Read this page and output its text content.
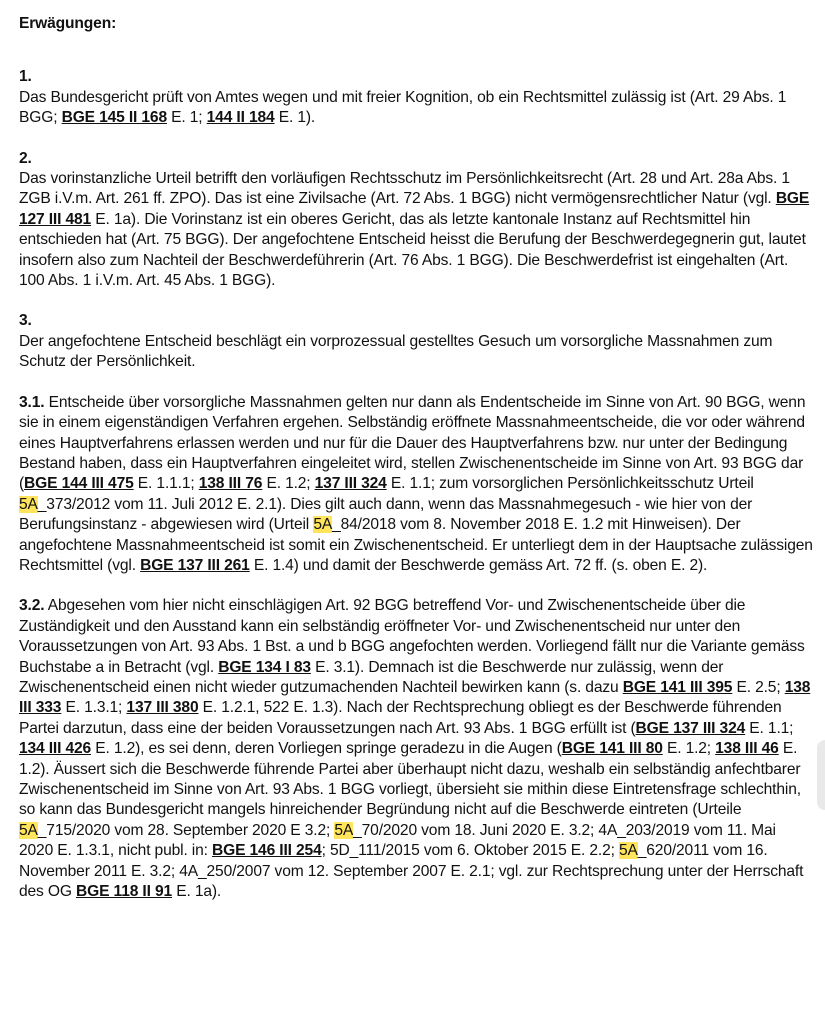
Erwägungen:
1.

Das Bundesgericht prüft von Amtes wegen und mit freier Kognition, ob ein Rechtsmittel zulässig ist (Art. 29 Abs. 1 BGG; BGE 145 II 168 E. 1; 144 II 184 E. 1).

2.

Das vorinstanzliche Urteil betrifft den vorläufigen Rechtsschutz im Persönlichkeitsrecht (Art. 28 und Art. 28a Abs. 1 ZGB i.V.m. Art. 261 ff. ZPO). Das ist eine Zivilsache (Art. 72 Abs. 1 BGG) nicht vermögensrechtlicher Natur (vgl. BGE 127 III 481 E. 1a). Die Vorinstanz ist ein oberes Gericht, das als letzte kantonale Instanz auf Rechtsmittel hin entschieden hat (Art. 75 BGG). Der angefochtene Entscheid heisst die Berufung der Beschwerdegegnerin gut, lautet insofern also zum Nachteil der Beschwerdeführerin (Art. 76 Abs. 1 BGG). Die Beschwerdefrist ist eingehalten (Art. 100 Abs. 1 i.V.m. Art. 45 Abs. 1 BGG).

3.

Der angefochtene Entscheid beschlägt ein vorprozessual gestelltes Gesuch um vorsorgliche Massnahmen zum Schutz der Persönlichkeit.

3.1. Entscheide über vorsorgliche Massnahmen gelten nur dann als Endentscheide im Sinne von Art. 90 BGG, wenn sie in einem eigenständigen Verfahren ergehen. Selbständig eröffnete Massnahmeentscheide, die vor oder während eines Hauptverfahrens erlassen werden und nur für die Dauer des Hauptverfahrens bzw. nur unter der Bedingung Bestand haben, dass ein Hauptverfahren eingeleitet wird, stellen Zwischenentscheide im Sinne von Art. 93 BGG dar (BGE 144 III 475 E. 1.1.1; 138 III 76 E. 1.2; 137 III 324 E. 1.1; zum vorsorglichen Persönlichkeitsschutz Urteil 5A_373/2012 vom 11. Juli 2012 E. 2.1). Dies gilt auch dann, wenn das Massnahmegesuch - wie hier von der Berufungsinstanz - abgewiesen wird (Urteil 5A_84/2018 vom 8. November 2018 E. 1.2 mit Hinweisen). Der angefochtene Massnahmeentscheid ist somit ein Zwischenentscheid. Er unterliegt dem in der Hauptsache zulässigen Rechtsmittel (vgl. BGE 137 III 261 E. 1.4) und damit der Beschwerde gemäss Art. 72 ff. (s. oben E. 2).

3.2. Abgesehen vom hier nicht einschlägigen Art. 92 BGG betreffend Vor- und Zwischenentscheide über die Zuständigkeit und den Ausstand kann ein selbständig eröffneter Vor- und Zwischenentscheid nur unter den Voraussetzungen von Art. 93 Abs. 1 Bst. a und b BGG angefochten werden. Vorliegend fällt nur die Variante gemäss Buchstabe a in Betracht (vgl. BGE 134 I 83 E. 3.1). Demnach ist die Beschwerde nur zulässig, wenn der Zwischenentscheid einen nicht wieder gutzumachenden Nachteil bewirken kann (s. dazu BGE 141 III 395 E. 2.5; 138 III 333 E. 1.3.1; 137 III 380 E. 1.2.1, 522 E. 1.3). Nach der Rechtsprechung obliegt es der Beschwerde führenden Partei darzutun, dass eine der beiden Voraussetzungen nach Art. 93 Abs. 1 BGG erfüllt ist (BGE 137 III 324 E. 1.1; 134 III 426 E. 1.2), es sei denn, deren Vorliegen springe geradezu in die Augen (BGE 141 III 80 E. 1.2; 138 III 46 E. 1.2). Äussert sich die Beschwerde führende Partei aber überhaupt nicht dazu, weshalb ein selbständig anfechtbarer Zwischenentscheid im Sinne von Art. 93 Abs. 1 BGG vorliegt, übersieht sie mithin diese Eintretensfrage schlechthin, so kann das Bundesgericht mangels hinreichender Begründung nicht auf die Beschwerde eintreten (Urteile 5A_715/2020 vom 28. September 2020 E 3.2; 5A_70/2020 vom 18. Juni 2020 E. 3.2; 4A_203/2019 vom 11. Mai 2020 E. 1.3.1, nicht publ. in: BGE 146 III 254; 5D_111/2015 vom 6. Oktober 2015 E. 2.2; 5A_620/2011 vom 16. November 2011 E. 3.2; 4A_250/2007 vom 12. September 2007 E. 2.1; vgl. zur Rechtsprechung unter der Herrschaft des OG BGE 118 II 91 E. 1a).
